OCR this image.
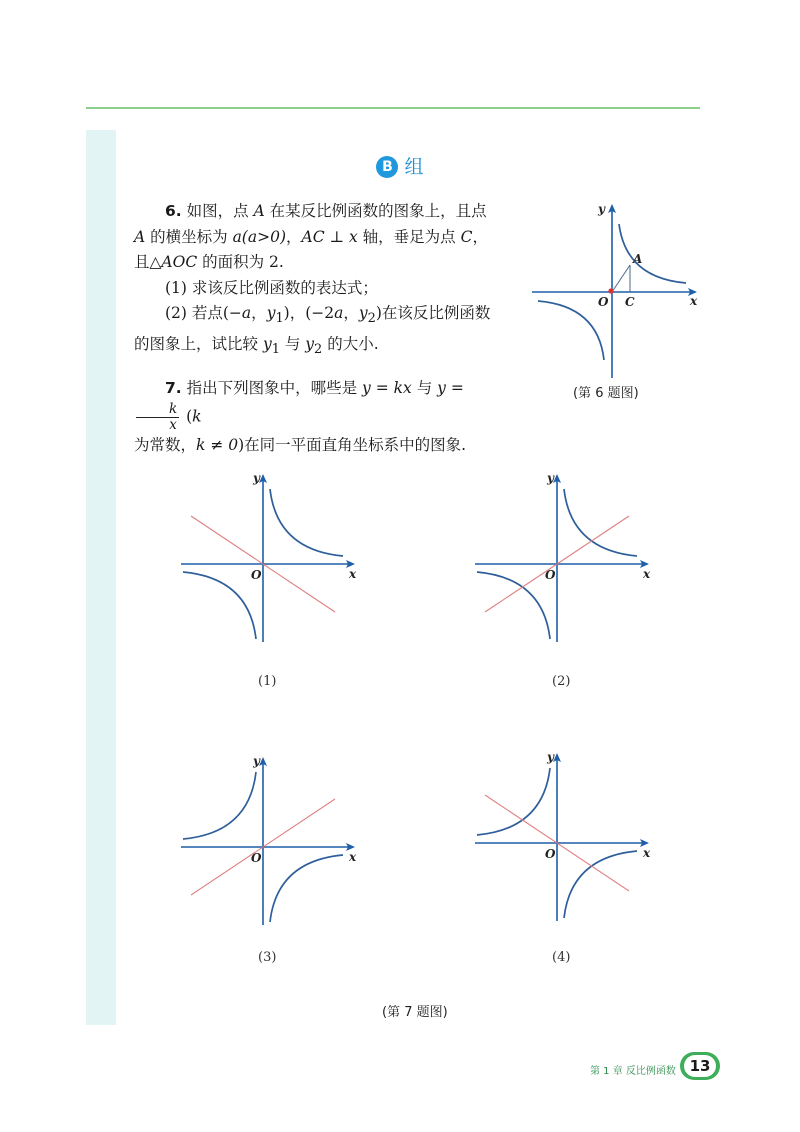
B 组

6. 如图，点 A 在某反比例函数的图象上，且点
A 的横坐标为 a(a>0)，AC ⊥ x 轴，垂足为点 C，
且△AOC 的面积为 2.

(1) 求该反比例函数的表达式；

(2) 若点(−a，$y_1$)，(−2a，$y_2$)在该反比例函数
的图象上，试比较 $y_1$ 与 $y_2$ 的大小.

7. 指出下列图象中，哪些是 y = kx 与 y =
$\frac{k}{x} (k$
为常数，k ≠ 0)在同一平面直角坐标系中的图象.

y
x
O
A
C
(第 6 题图)
y
x
O
y
x
O
y
x
O
y
x
O
(1)	(2)
(3)	(4)
(第 7 题图)
第 1 章 反比例函数 13
